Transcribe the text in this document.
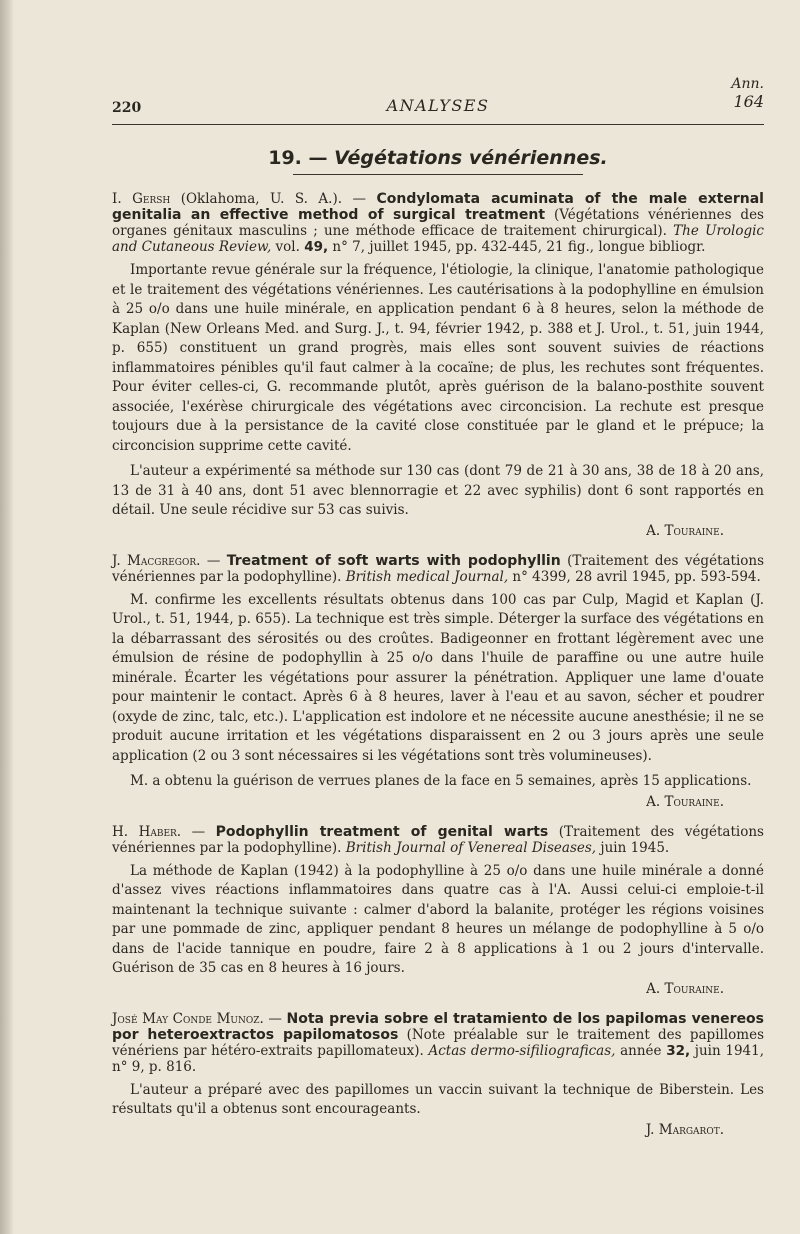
220	ANALYSES
Ann.
164
19. — Végétations vénériennes.
I. Gersh (Oklahoma, U. S. A.). — Condylomata acuminata of the male external genitalia an effective method of surgical treatment (Végétations vénériennes des organes génitaux masculins ; une méthode efficace de traitement chirurgical). The Urologic and Cutaneous Review, vol. 49, n° 7, juillet 1945, pp. 432-445, 21 fig., longue bibliogr.

Importante revue générale sur la fréquence, l'étiologie, la clinique, l'anatomie pathologique et le traitement des végétations vénériennes. Les cautérisations à la podophylline en émulsion à 25 o/o dans une huile minérale, en application pendant 6 à 8 heures, selon la méthode de Kaplan (New Orleans Med. and Surg. J., t. 94, février 1942, p. 388 et J. Urol., t. 51, juin 1944, p. 655) constituent un grand progrès, mais elles sont souvent suivies de réactions inflammatoires pénibles qu'il faut calmer à la cocaïne; de plus, les rechutes sont fréquentes. Pour éviter celles-ci, G. recommande plutôt, après guérison de la balano-posthite souvent associée, l'exérèse chirurgicale des végétations avec circoncision. La rechute est presque toujours due à la persistance de la cavité close constituée par le gland et le prépuce; la circoncision supprime cette cavité.

L'auteur a expérimenté sa méthode sur 130 cas (dont 79 de 21 à 30 ans, 38 de 18 à 20 ans, 13 de 31 à 40 ans, dont 51 avec blennorragie et 22 avec syphilis) dont 6 sont rapportés en détail. Une seule récidive sur 53 cas suivis.

A. Touraine.
J. Macgregor. — Treatment of soft warts with podophyllin (Traitement des végétations vénériennes par la podophylline). British medical Journal, n° 4399, 28 avril 1945, pp. 593-594.

M. confirme les excellents résultats obtenus dans 100 cas par Culp, Magid et Kaplan (J. Urol., t. 51, 1944, p. 655). La technique est très simple. Déterger la surface des végétations en la débarrassant des sérosités ou des croûtes. Badigeonner en frottant légèrement avec une émulsion de résine de podophyllin à 25 o/o dans l'huile de paraffine ou une autre huile minérale. Écarter les végétations pour assurer la pénétration. Appliquer une lame d'ouate pour maintenir le contact. Après 6 à 8 heures, laver à l'eau et au savon, sécher et poudrer (oxyde de zinc, talc, etc.). L'application est indolore et ne nécessite aucune anesthésie; il ne se produit aucune irritation et les végétations disparaissent en 2 ou 3 jours après une seule application (2 ou 3 sont nécessaires si les végétations sont très volumineuses).

M. a obtenu la guérison de verrues planes de la face en 5 semaines, après 15 applications.

A. Touraine.
H. Haber. — Podophyllin treatment of genital warts (Traitement des végétations vénériennes par la podophylline). British Journal of Venereal Diseases, juin 1945.

La méthode de Kaplan (1942) à la podophylline à 25 o/o dans une huile minérale a donné d'assez vives réactions inflammatoires dans quatre cas à l'A. Aussi celui-ci emploie-t-il maintenant la technique suivante : calmer d'abord la balanite, protéger les régions voisines par une pommade de zinc, appliquer pendant 8 heures un mélange de podophylline à 5 o/o dans de l'acide tannique en poudre, faire 2 à 8 applications à 1 ou 2 jours d'intervalle. Guérison de 35 cas en 8 heures à 16 jours.

A. Touraine.
José May Conde Munoz. — Nota previa sobre el tratamiento de los papilomas venereos por heteroextractos papilomatosos (Note préalable sur le traitement des papillomes vénériens par hétéro-extraits papillomateux). Actas dermo-sifiliograficas, année 32, juin 1941, n° 9, p. 816.

L'auteur a préparé avec des papillomes un vaccin suivant la technique de Biberstein. Les résultats qu'il a obtenus sont encourageants.

J. Margarot.
